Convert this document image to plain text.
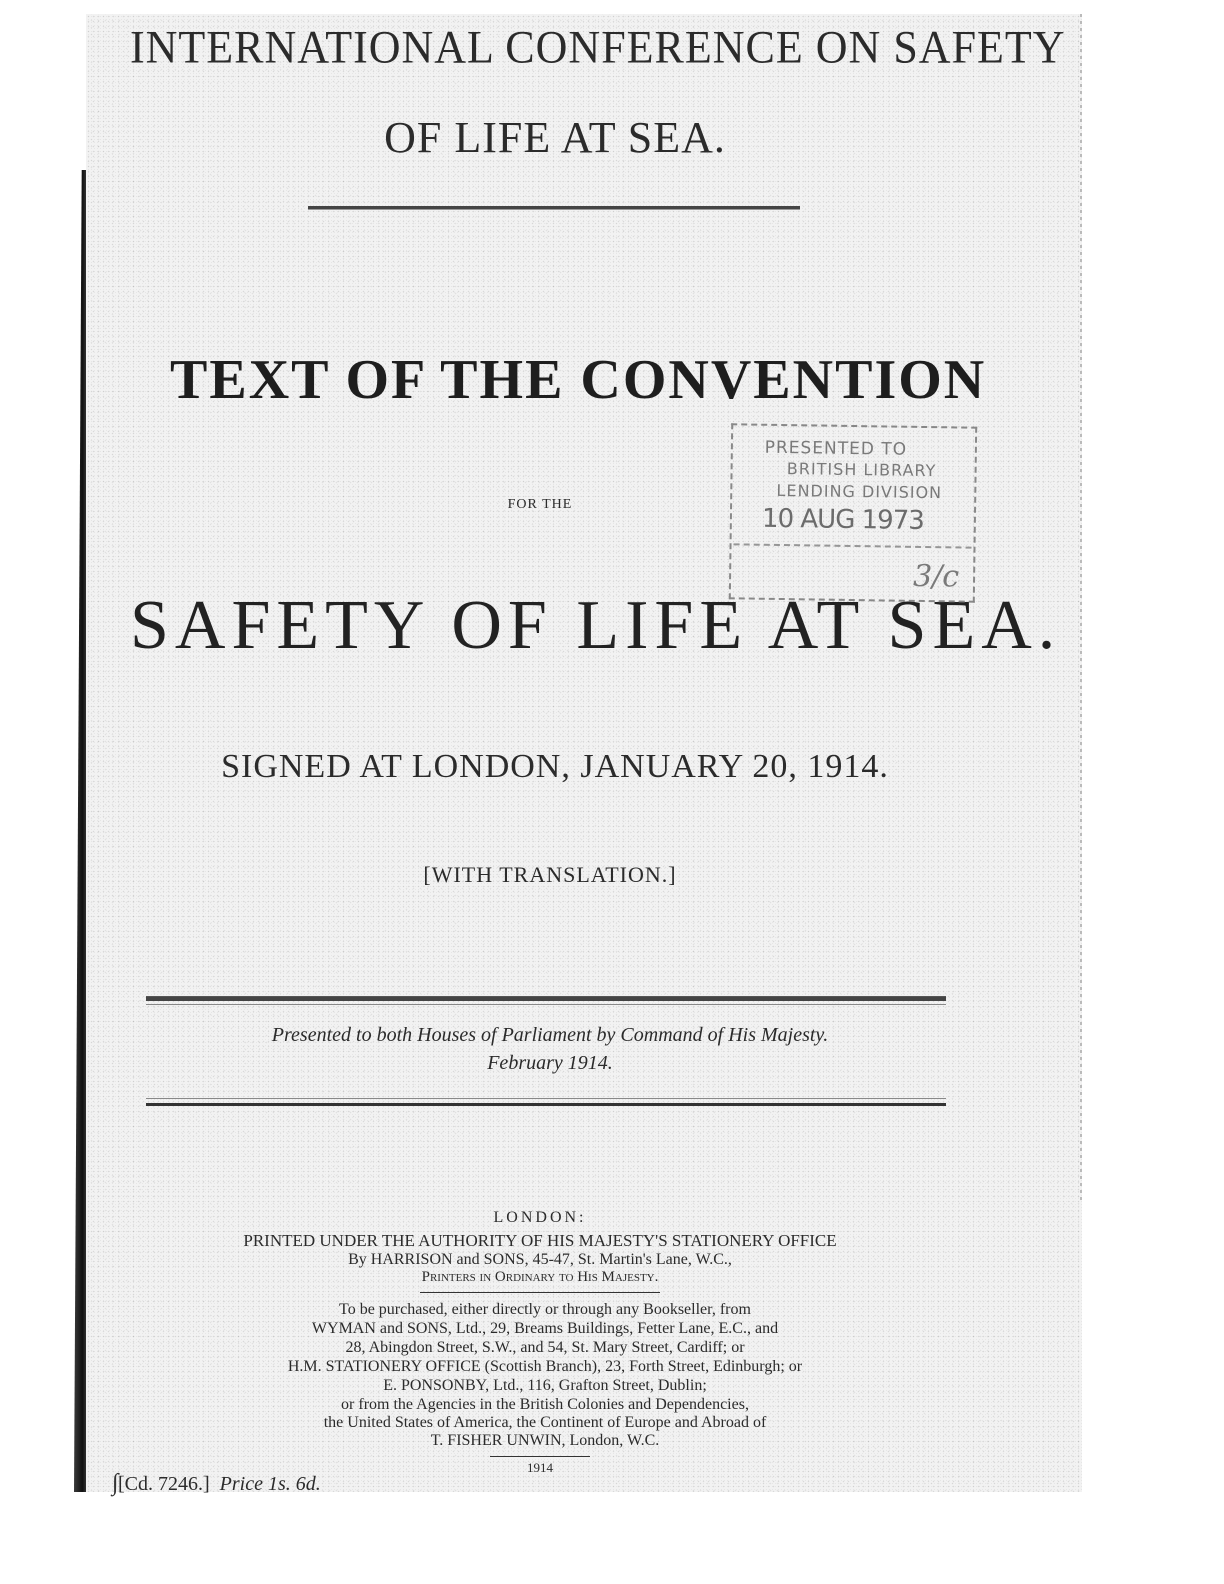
INTERNATIONAL CONFERENCE ON SAFETY
OF LIFE AT SEA.
TEXT OF THE CONVENTION
FOR THE
SAFETY OF LIFE AT SEA.
PRESENTED TO
BRITISH LIBRARY
LENDING DIVISION
10 AUG 1973
3/c
SIGNED AT LONDON, JANUARY 20, 1914.
[WITH TRANSLATION.]
Presented to both Houses of Parliament by Command of His Majesty.
February 1914.
LONDON:
PRINTED UNDER THE AUTHORITY OF HIS MAJESTY'S STATIONERY OFFICE
By HARRISON and SONS, 45-47, St. Martin's Lane, W.C.,
Printers in Ordinary to His Majesty.
To be purchased, either directly or through any Bookseller, from
WYMAN and SONS, Ltd., 29, Breams Buildings, Fetter Lane, E.C., and
28, Abingdon Street, S.W., and 54, St. Mary Street, Cardiff; or
H.M. STATIONERY OFFICE (Scottish Branch), 23, Forth Street, Edinburgh; or
E. PONSONBY, Ltd., 116, Grafton Street, Dublin;
or from the Agencies in the British Colonies and Dependencies,
the United States of America, the Continent of Europe and Abroad of
T. FISHER UNWIN, London, W.C.
1914
∫ [Cd. 7246.] Price 1s. 6d.
